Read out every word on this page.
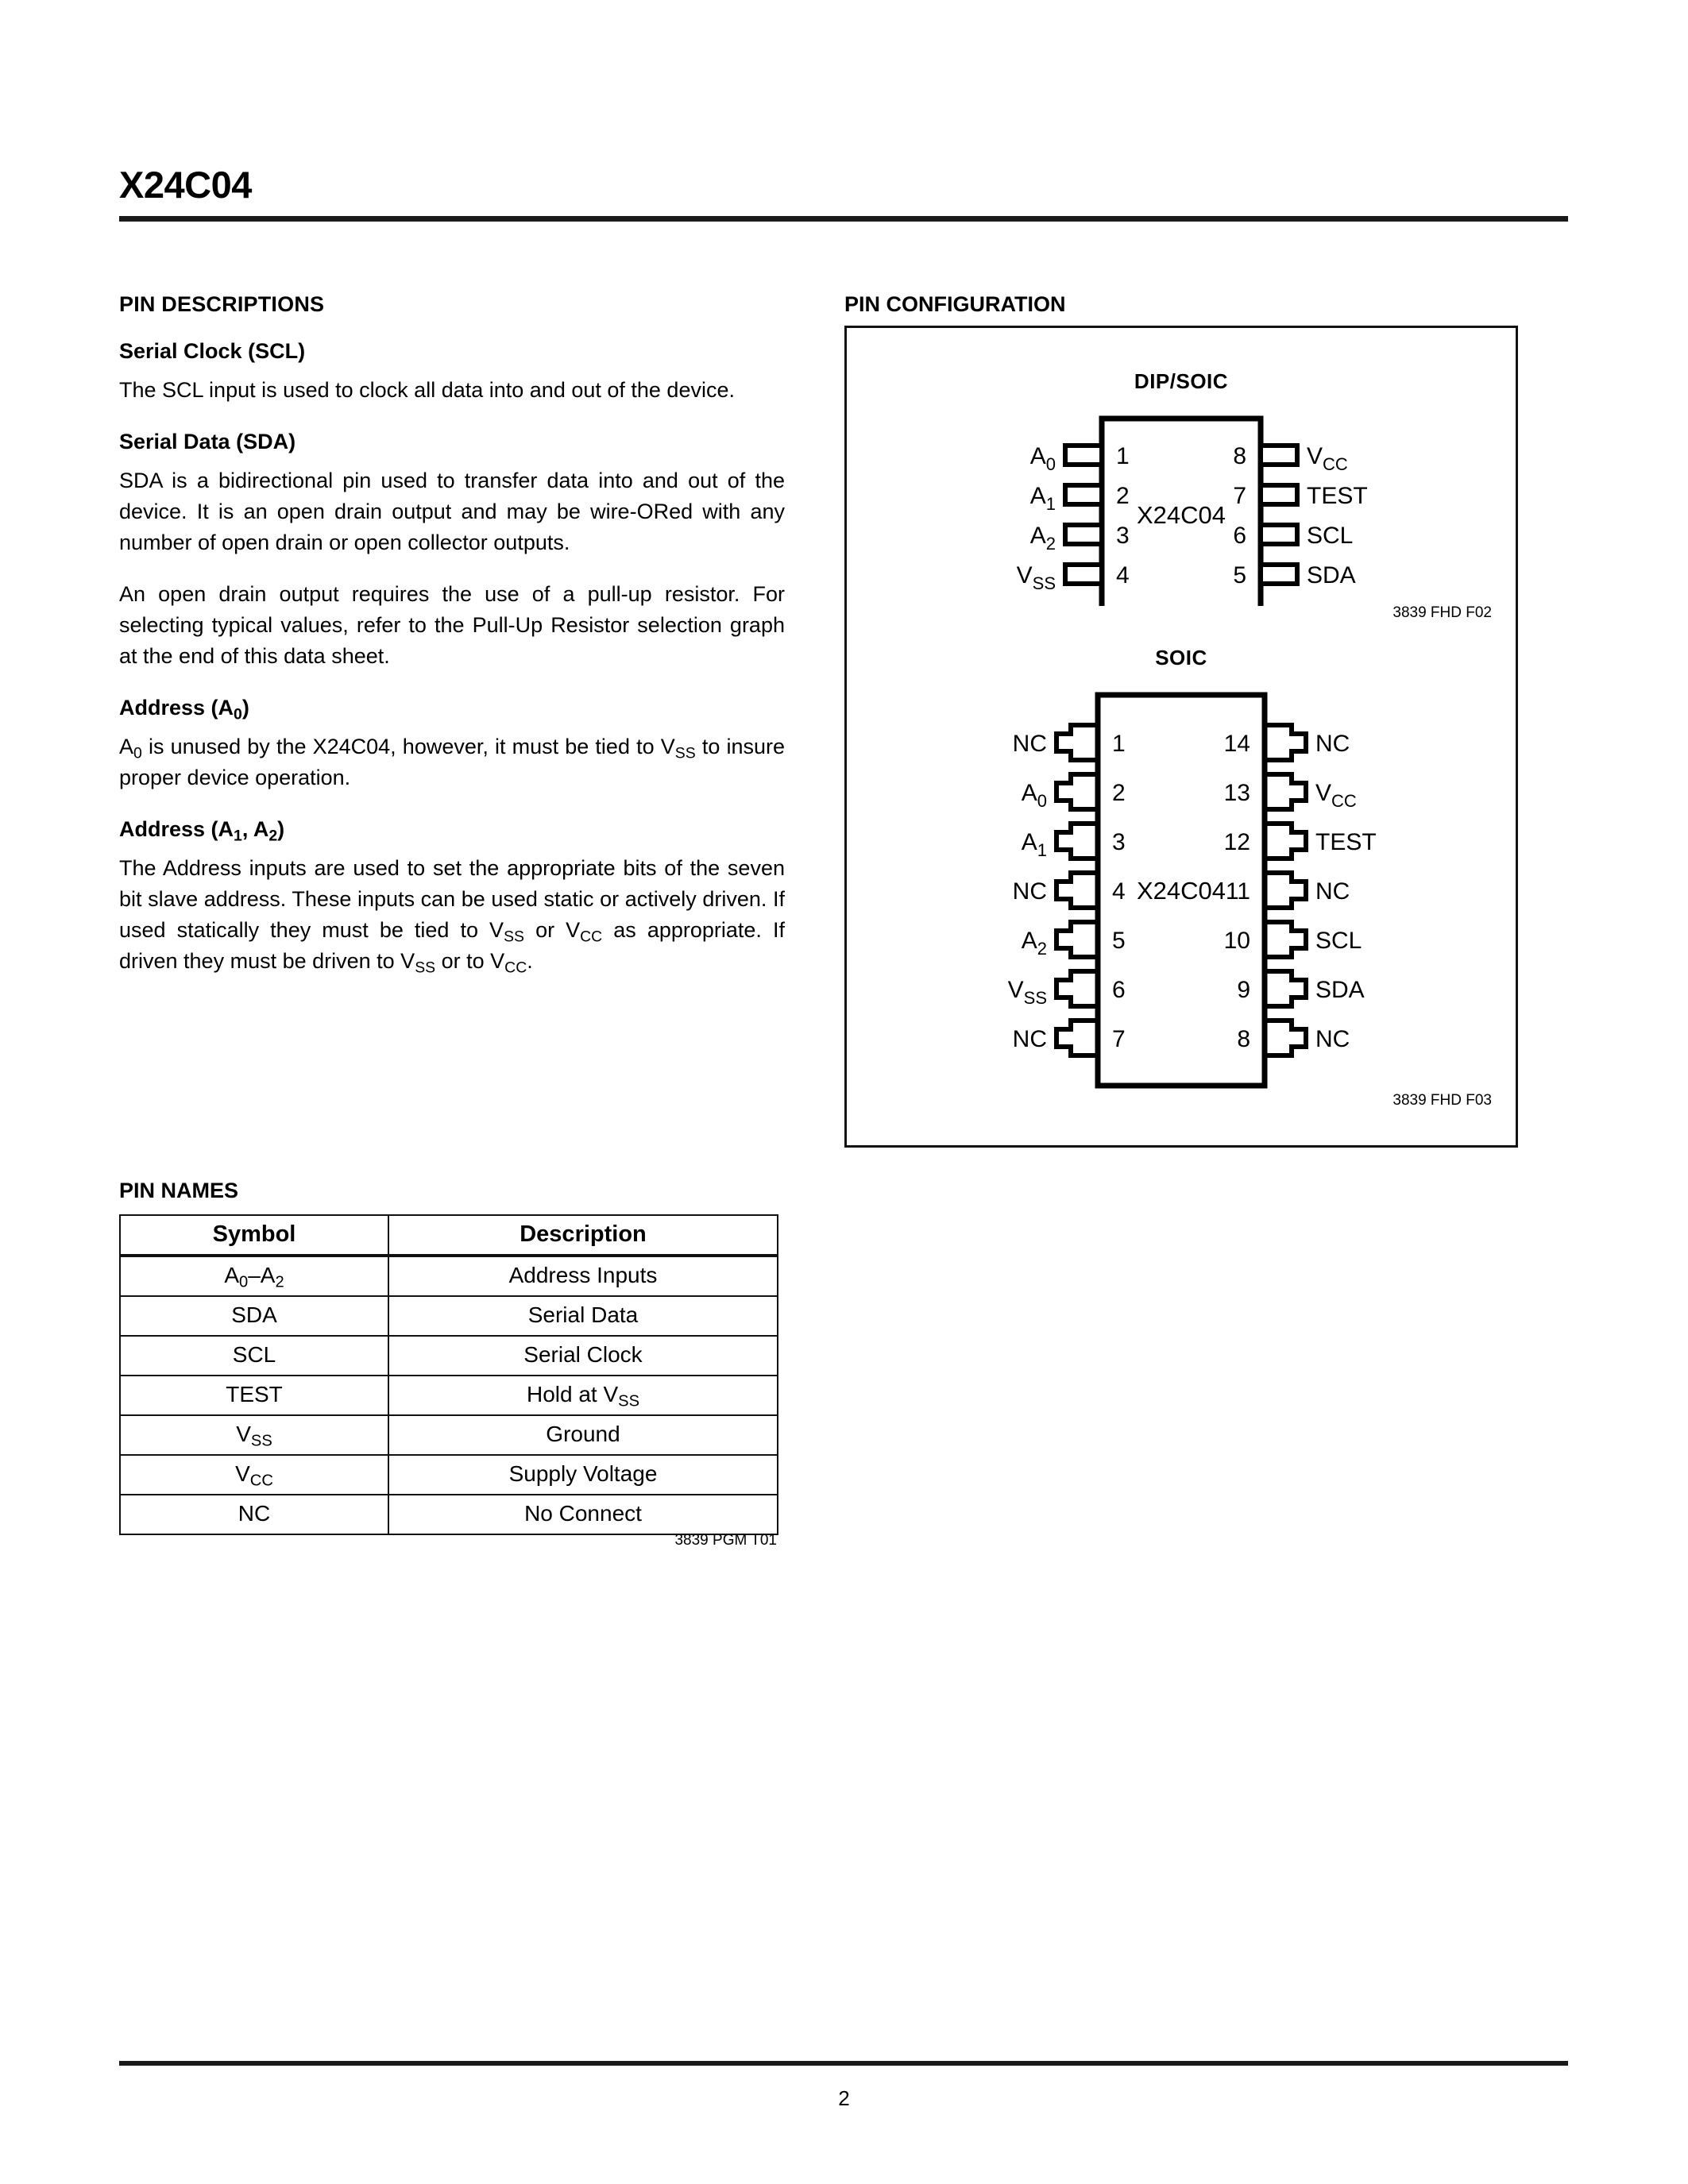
X24C04
PIN DESCRIPTIONS
Serial Clock (SCL)

The SCL input is used to clock all data into and out of the device.

Serial Data (SDA)

SDA is a bidirectional pin used to transfer data into and out of the device. It is an open drain output and may be wire-ORed with any number of open drain or open collector outputs.

An open drain output requires the use of a pull-up resistor. For selecting typical values, refer to the Pull-Up Resistor selection graph at the end of this data sheet.

Address $(A_0)$

$A_0$ is unused by the X24C04, however, it must be tied to $V_{SS}$ to insure proper device operation.

Address ($A_1$, $A_2$)

The Address inputs are used to set the appropriate bits of the seven bit slave address. These inputs can be used static or actively driven. If used statically they must be tied to $V_{SS}$ or $V_{CC}$ as appropriate. If driven they must be driven to $V_{SS}$ or to $V_{CC}$.

PIN NAMES
Symbol	Description
$A_0-A_2$	Address Inputs
SDA	Serial Data
SCL	Serial Clock
TEST	Hold at $V_{SS}$
$V_{SS}$	Ground
$V_{CC}$	Supply Voltage
NC	No Connect
3839 PGM T01
PIN CONFIGURATION
DIP/SOIC
X24C04
1
$A_0$
2
$A_1$
3
$A_2$
4
$V_{SS}$
8	$V_{CC}$
7	TEST
6	SCL
5	SDA
3839 FHD F02
SOIC
X24C04
1
NC
2
$A_0$
3
$A_1$
4
NC
5
$A_2$
6
$V_{SS}$
7
NC
14	NC
13	$V_{CC}$
12	TEST
11	NC
10	SCL
9	SDA
8	NC
3839 FHD F03
2
